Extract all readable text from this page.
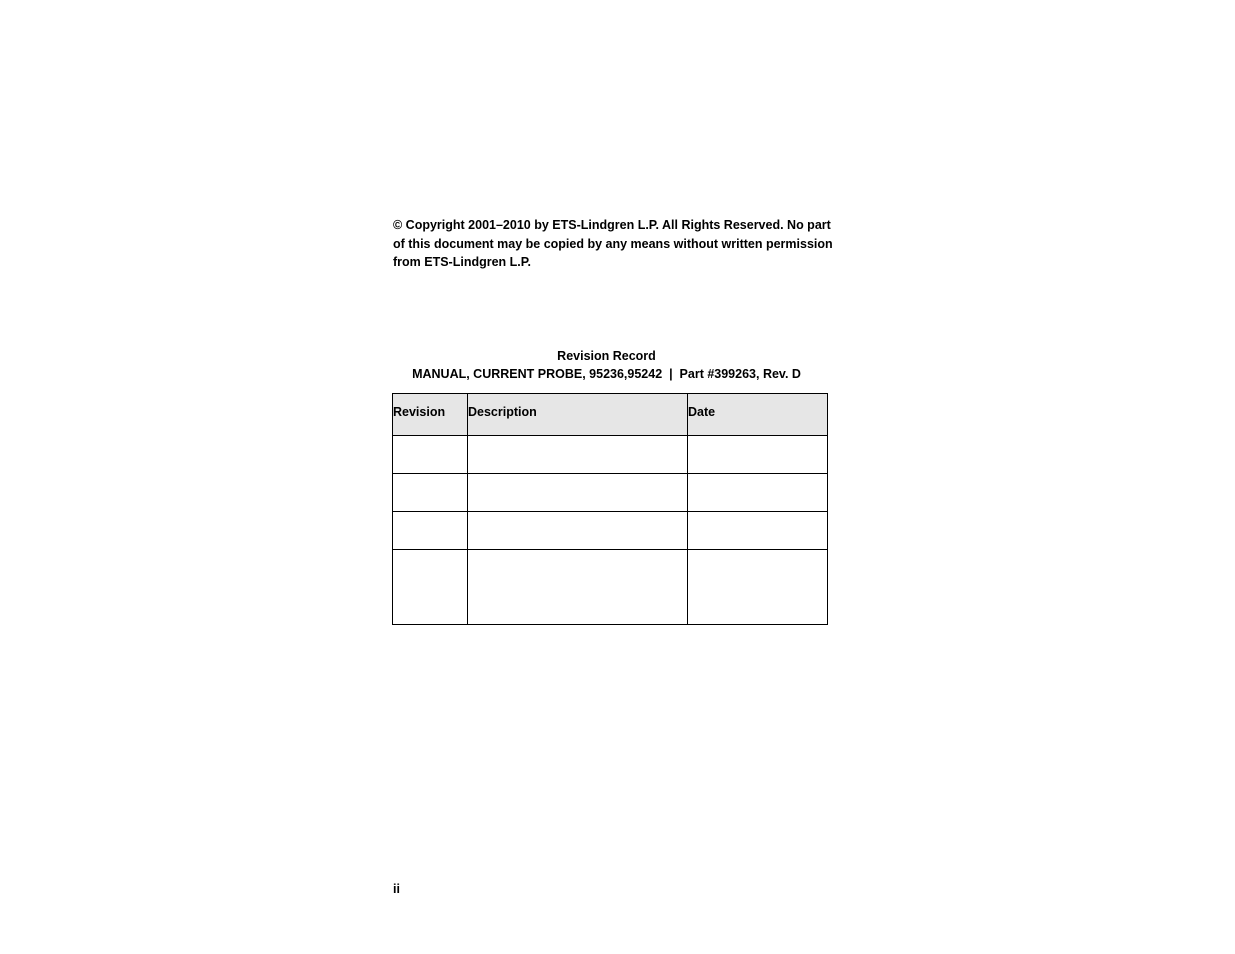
© Copyright 2001–2010 by ETS-Lindgren L.P. All Rights Reserved. No part of this document may be copied by any means without written permission from ETS-Lindgren L.P.

Revision Record

MANUAL, CURRENT PROBE, 95236,95242  |  Part #399263, Rev. D

Revision	Description	Date

ii
